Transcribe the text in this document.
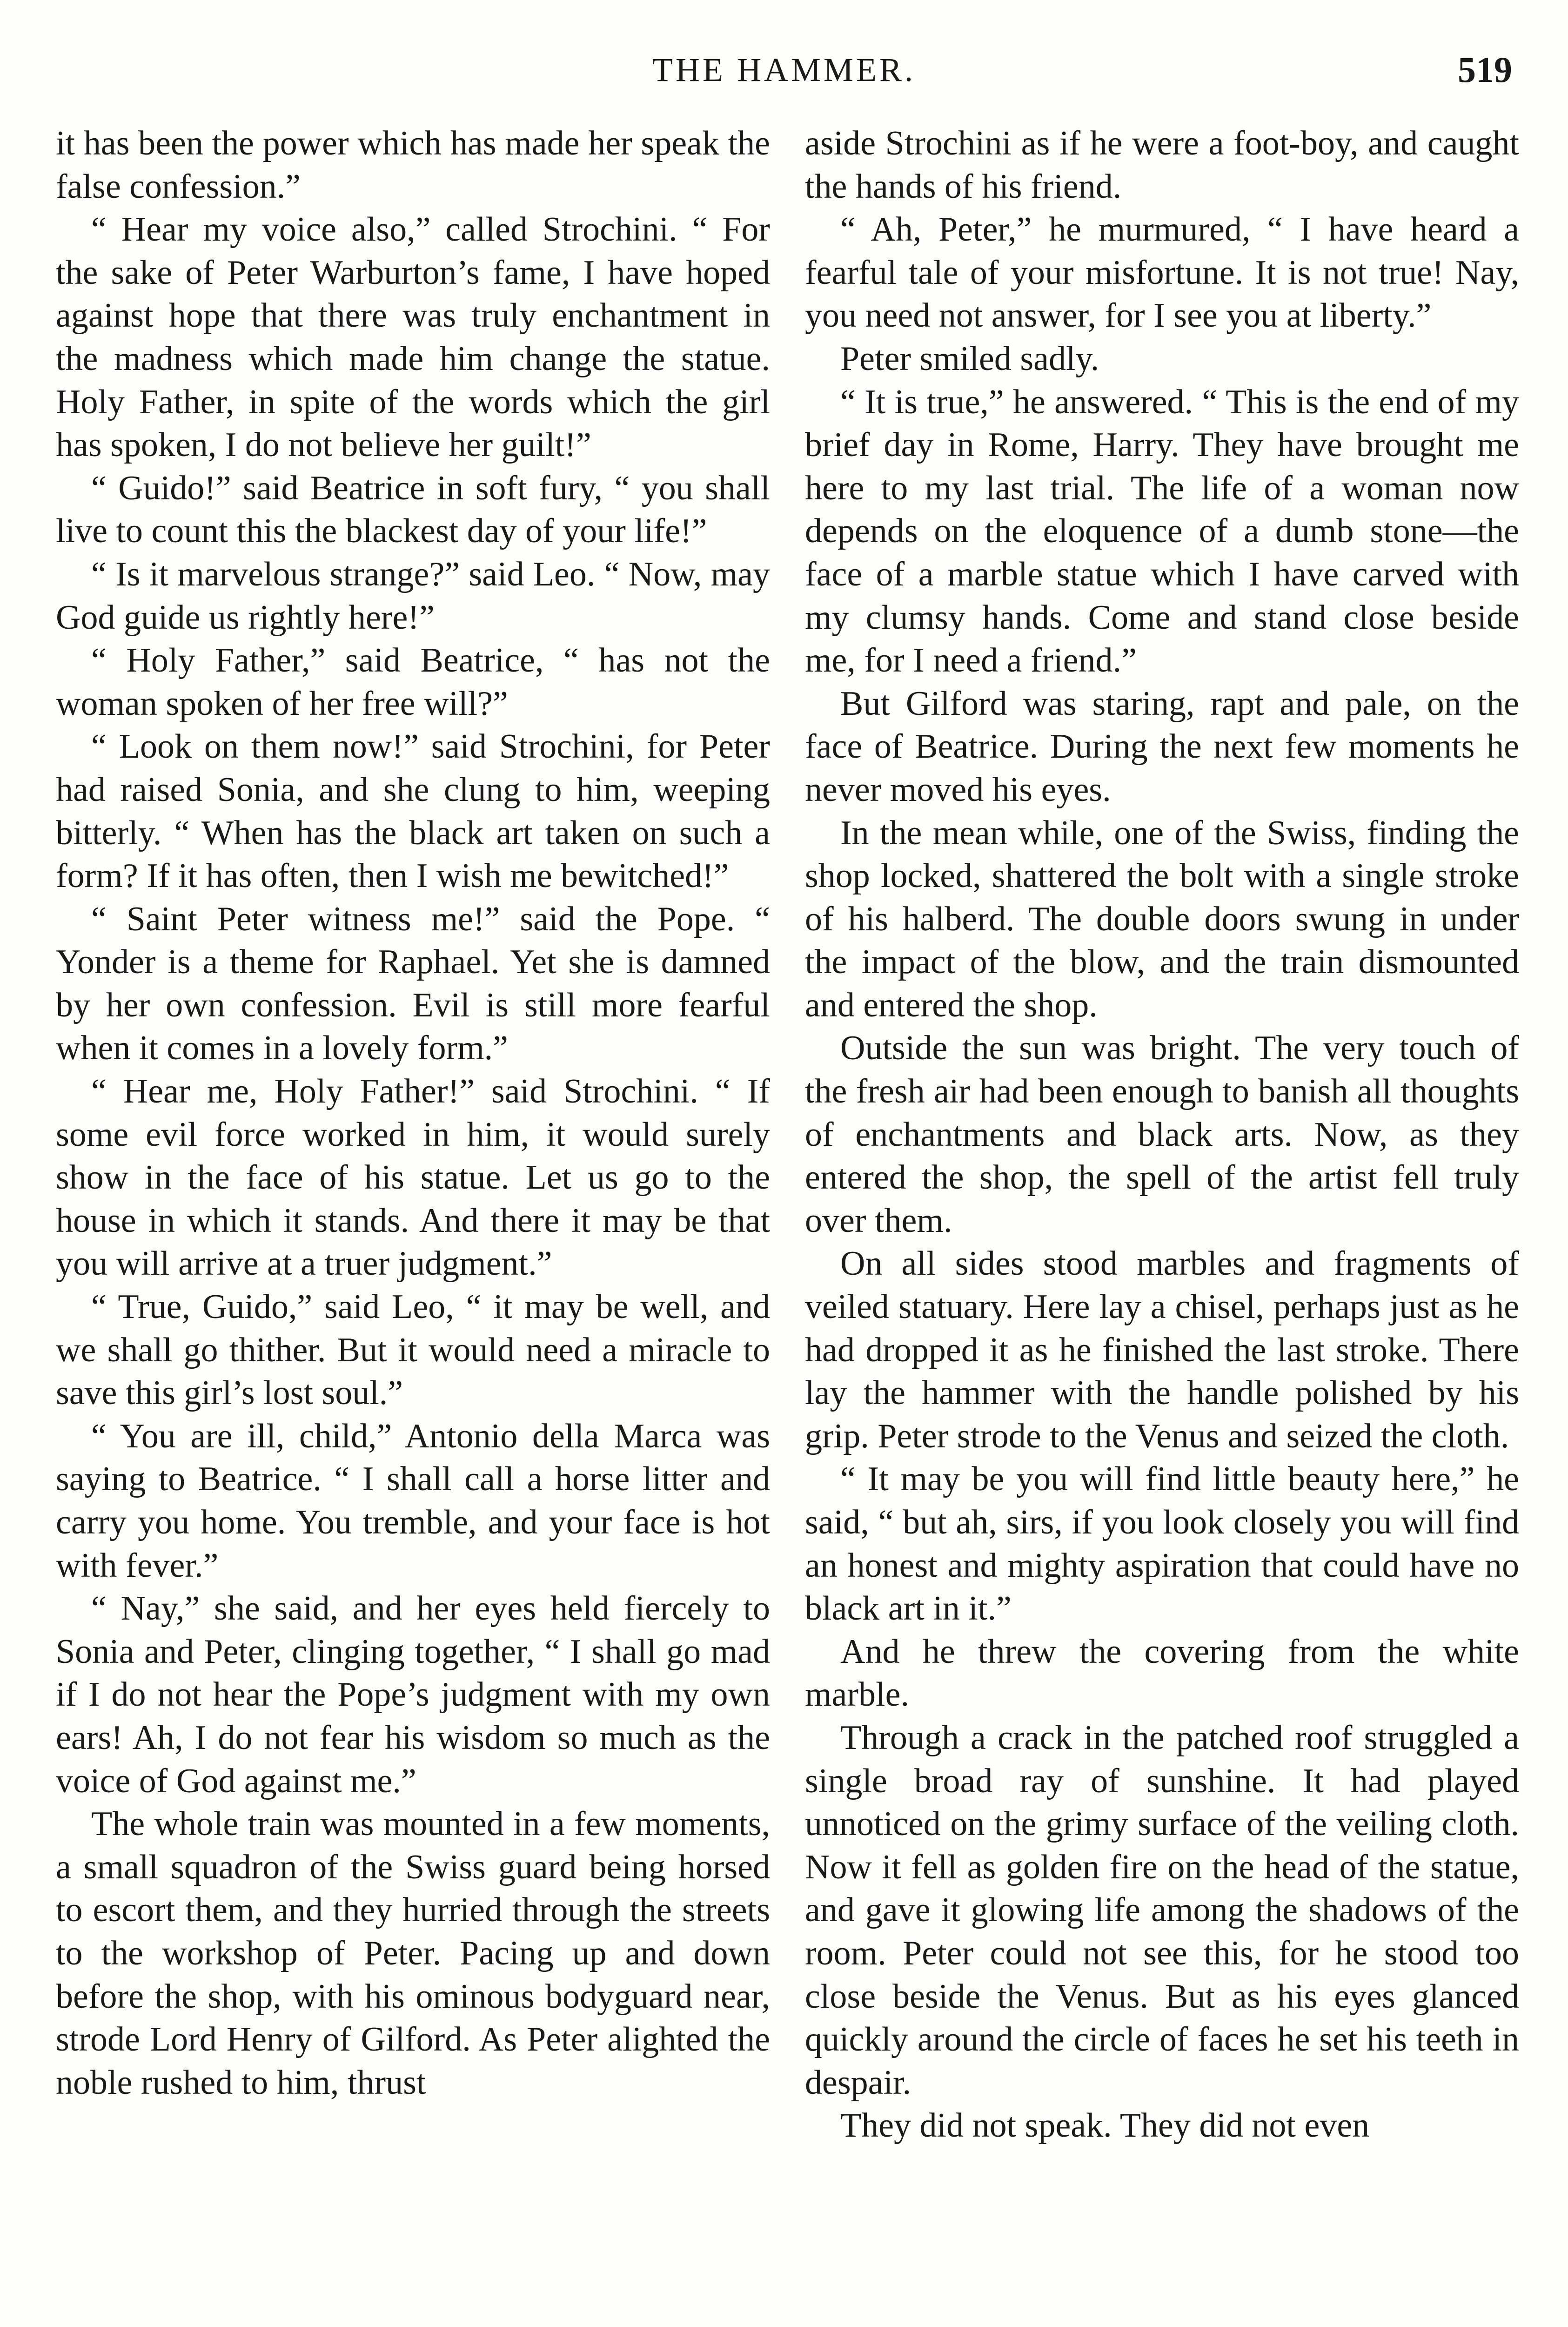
THE HAMMER.	519

it has been the power which has made her speak the false confession.”

“ Hear my voice also,” called Strochini. “ For the sake of Peter Warburton’s fame, I have hoped against hope that there was truly enchantment in the madness which made him change the statue. Holy Father, in spite of the words which the girl has spoken, I do not believe her guilt!”

“ Guido!” said Beatrice in soft fury, “ you shall live to count this the blackest day of your life!”

“ Is it marvelous strange?” said Leo. “ Now, may God guide us rightly here!”

“ Holy Father,” said Beatrice, “ has not the woman spoken of her free will?”

“ Look on them now!” said Strochini, for Peter had raised Sonia, and she clung to him, weeping bitterly. “ When has the black art taken on such a form? If it has often, then I wish me bewitched!”

“ Saint Peter witness me!” said the Pope. “ Yonder is a theme for Raphael. Yet she is damned by her own confession. Evil is still more fearful when it comes in a lovely form.”

“ Hear me, Holy Father!” said Strochini. “ If some evil force worked in him, it would surely show in the face of his statue. Let us go to the house in which it stands. And there it may be that you will arrive at a truer judgment.”

“ True, Guido,” said Leo, “ it may be well, and we shall go thither. But it would need a miracle to save this girl’s lost soul.”

“ You are ill, child,” Antonio della Marca was saying to Beatrice. “ I shall call a horse litter and carry you home. You tremble, and your face is hot with fever.”

“ Nay,” she said, and her eyes held fiercely to Sonia and Peter, clinging together, “ I shall go mad if I do not hear the Pope’s judgment with my own ears! Ah, I do not fear his wisdom so much as the voice of God against me.”

The whole train was mounted in a few moments, a small squadron of the Swiss guard being horsed to escort them, and they hurried through the streets to the workshop of Peter. Pacing up and down before the shop, with his ominous bodyguard near, strode Lord Henry of Gilford. As Peter alighted the noble rushed to him, thrust

aside Strochini as if he were a foot-boy, and caught the hands of his friend.

“ Ah, Peter,” he murmured, “ I have heard a fearful tale of your misfortune. It is not true! Nay, you need not answer, for I see you at liberty.”

Peter smiled sadly.

“ It is true,” he answered. “ This is the end of my brief day in Rome, Harry. They have brought me here to my last trial. The life of a woman now depends on the eloquence of a dumb stone—the face of a marble statue which I have carved with my clumsy hands. Come and stand close beside me, for I need a friend.”

But Gilford was staring, rapt and pale, on the face of Beatrice. During the next few moments he never moved his eyes.

In the mean while, one of the Swiss, finding the shop locked, shattered the bolt with a single stroke of his halberd. The double doors swung in under the impact of the blow, and the train dismounted and entered the shop.

Outside the sun was bright. The very touch of the fresh air had been enough to banish all thoughts of enchantments and black arts. Now, as they entered the shop, the spell of the artist fell truly over them.

On all sides stood marbles and fragments of veiled statuary. Here lay a chisel, perhaps just as he had dropped it as he finished the last stroke. There lay the hammer with the handle polished by his grip. Peter strode to the Venus and seized the cloth.

“ It may be you will find little beauty here,” he said, “ but ah, sirs, if you look closely you will find an honest and mighty aspiration that could have no black art in it.”

And he threw the covering from the white marble.

Through a crack in the patched roof struggled a single broad ray of sunshine. It had played unnoticed on the grimy surface of the veiling cloth. Now it fell as golden fire on the head of the statue, and gave it glowing life among the shadows of the room. Peter could not see this, for he stood too close beside the Venus. But as his eyes glanced quickly around the circle of faces he set his teeth in despair.

They did not speak. They did not even
